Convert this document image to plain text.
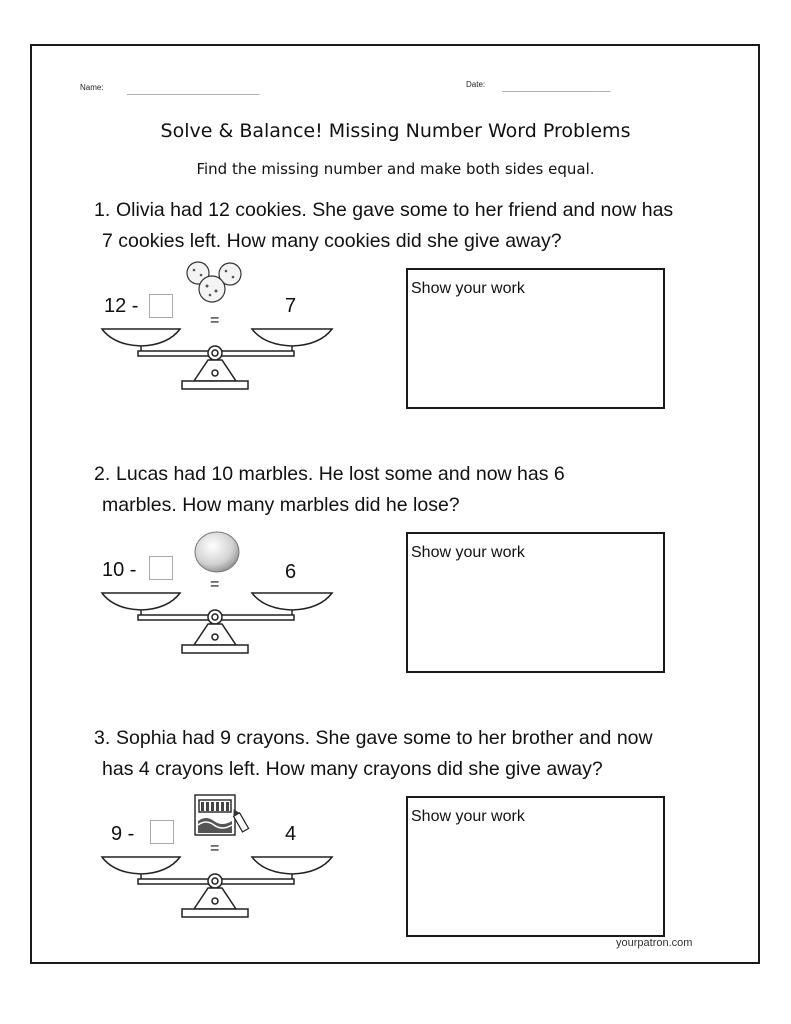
Name: ______________________	Date: __________________
Solve & Balance! Missing Number Word Problems
Find the missing number and make both sides equal.
1. Olivia had 12 cookies. She gave some to her friend and now has
7 cookies left. How many cookies did she give away?
12 -
=
7
Show your work
2. Lucas had 10 marbles. He lost some and now has 6
marbles. How many marbles did he lose?
10 -
=
6
Show your work
3. Sophia had 9 crayons. She gave some to her brother and now
has 4 crayons left. How many crayons did she give away?
9 -
=
4
Show your work
yourpatron.com
